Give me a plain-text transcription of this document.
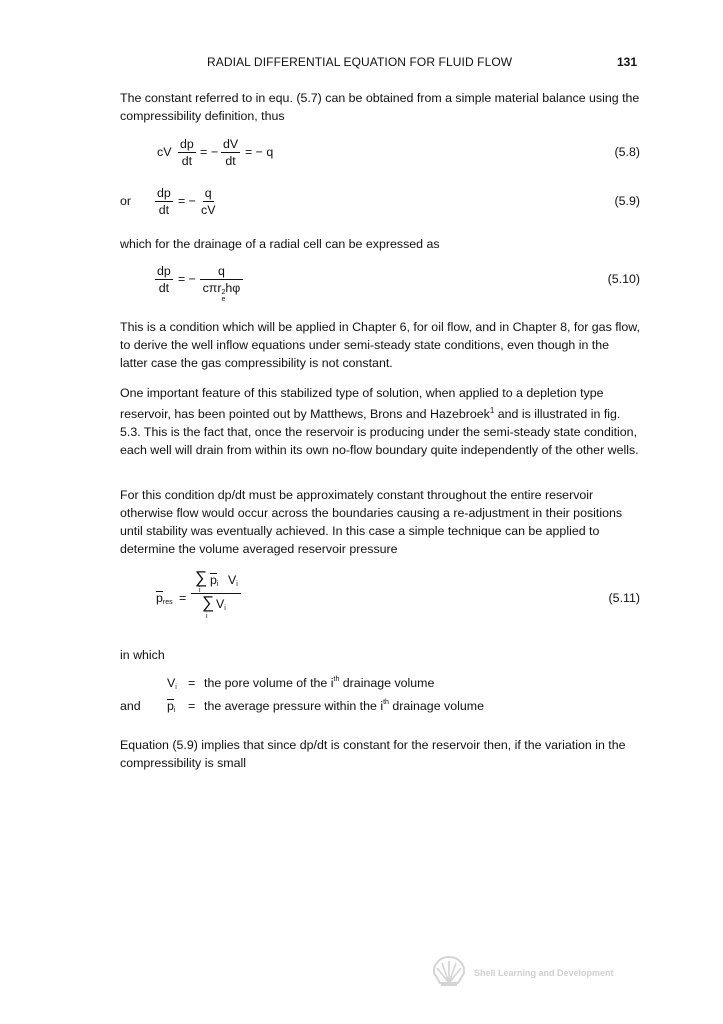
RADIAL DIFFERENTIAL EQUATION FOR FLUID FLOW	131

The constant referred to in equ. (5.7) can be obtained from a simple material balance using the compressibility definition, thus

cV $\frac{dp}{dt}$ = − $\frac{dV}{dt}$ = − q	(5.8)
or $\frac{dp}{dt}$ = − $\frac{q}{cV}$	(5.9)

which for the drainage of a radial cell can be expressed as

$\frac{dp}{dt}$ = −
q
cπr 2
e
hφ
(5.10)

This is a condition which will be applied in Chapter 6, for oil flow, and in Chapter 8, for gas flow, to derive the well inflow equations under semi-steady state conditions, even though in the latter case the gas compressibility is not constant.

One important feature of this stabilized type of solution, when applied to a depletion type reservoir, has been pointed out by Matthews, Brons and Hazebroek$^1$ and is illustrated in fig. 5.3. This is the fact that, once the reservoir is producing under the semi-steady state condition, each well will drain from within its own no-flow boundary quite independently of the other wells.

For this condition dp/dt must be approximately constant throughout the entire reservoir otherwise flow would occur across the boundaries causing a re-adjustment in their positions until stability was eventually achieved. In this case a simple technique can be applied to determine the volume averaged reservoir pressure

$p_{res}$ = ∑
i
$p_i$ $V_i$
∑
i
$V_i$	(5.11)

in which

$V_i$ = the pore volume of the $i^{th}$ drainage volume
and $p_i$ = the average pressure within the $i^{th}$ drainage volume

Equation (5.9) implies that since dp/dt is constant for the reservoir then, if the variation in the compressibility is small

Shell Learning and Development
